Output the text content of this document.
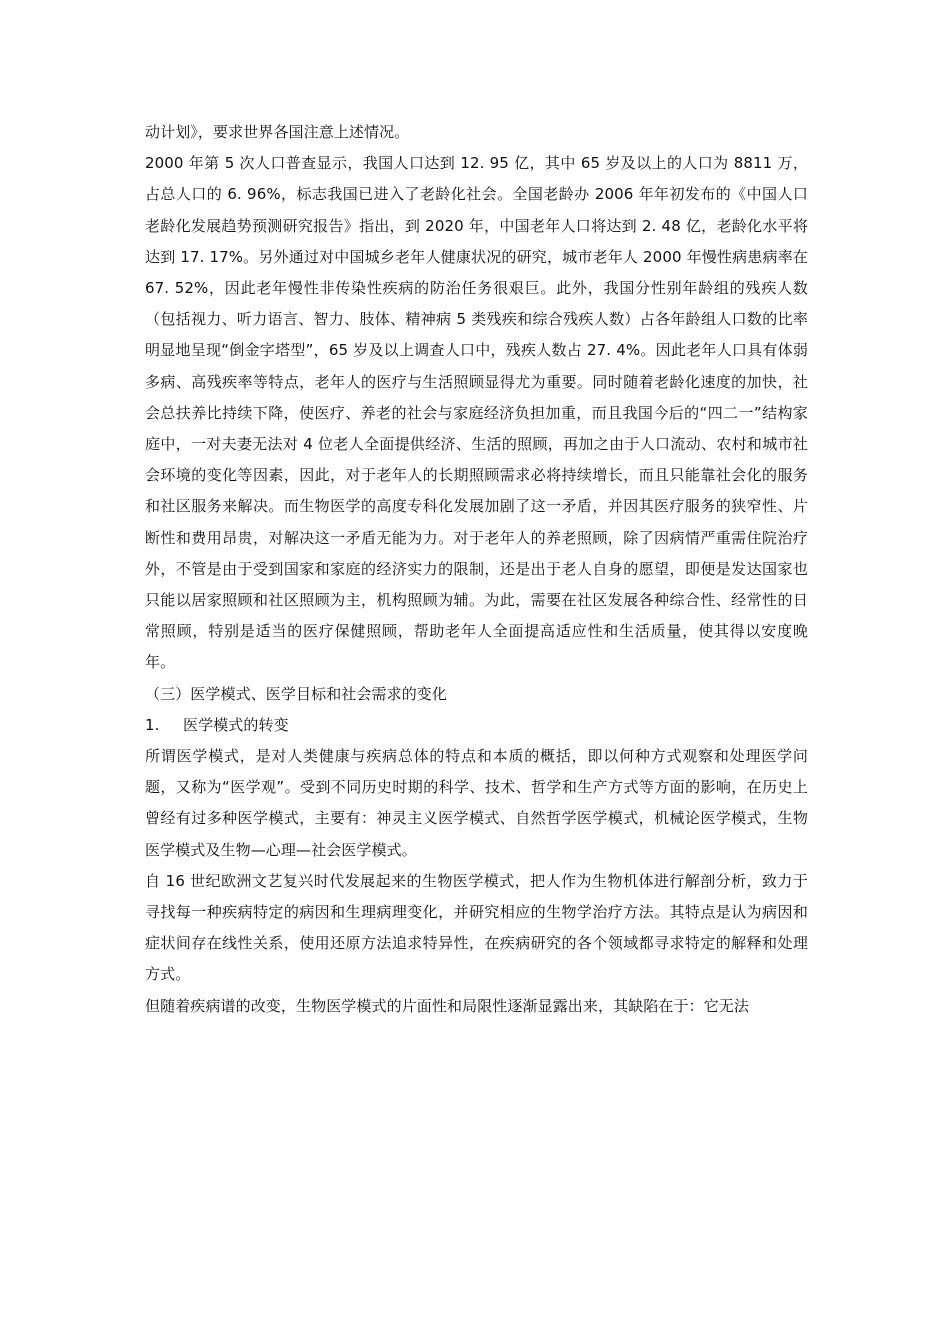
动计划》，要求世界各国注意上述情况。

2000 年第 5 次人口普查显示，我国人口达到 12. 95 亿，其中 65 岁及以上的人口为 8811 万，占总人口的 6. 96%，标志我国已进入了老龄化社会。全国老龄办 2006 年年初发布的《中国人口老龄化发展趋势预测研究报告》指出，到 2020 年，中国老年人口将达到 2. 48 亿，老龄化水平将达到 17. 17%。另外通过对中国城乡老年人健康状况的研究，城市老年人 2000 年慢性病患病率在 67. 52%，因此老年慢性非传染性疾病的防治任务很艰巨。此外，我国分性别年龄组的残疾人数（包括视力、听力语言、智力、肢体、精神病 5 类残疾和综合残疾人数）占各年龄组人口数的比率明显地呈现“倒金字塔型”，65 岁及以上调查人口中，残疾人数占 27. 4%。因此老年人口具有体弱多病、高残疾率等特点，老年人的医疗与生活照顾显得尤为重要。同时随着老龄化速度的加快，社会总扶养比持续下降，使医疗、养老的社会与家庭经济负担加重，而且我国今后的“四二一”结构家庭中，一对夫妻无法对 4 位老人全面提供经济、生活的照顾，再加之由于人口流动、农村和城市社会环境的变化等因素，因此，对于老年人的长期照顾需求必将持续增长，而且只能靠社会化的服务和社区服务来解决。而生物医学的高度专科化发展加剧了这一矛盾，并因其医疗服务的狭窄性、片断性和费用昂贵，对解决这一矛盾无能为力。对于老年人的养老照顾，除了因病情严重需住院治疗外，不管是由于受到国家和家庭的经济实力的限制，还是出于老人自身的愿望，即便是发达国家也只能以居家照顾和社区照顾为主，机构照顾为辅。为此，需要在社区发展各种综合性、经常性的日常照顾，特别是适当的医疗保健照顾，帮助老年人全面提高适应性和生活质量，使其得以安度晚年。

（三）医学模式、医学目标和社会需求的变化

1. 医学模式的转变

所谓医学模式，是对人类健康与疾病总体的特点和本质的概括，即以何种方式观察和处理医学问题，又称为“医学观”。受到不同历史时期的科学、技术、哲学和生产方式等方面的影响，在历史上曾经有过多种医学模式，主要有：神灵主义医学模式、自然哲学医学模式，机械论医学模式，生物医学模式及生物—心理—社会医学模式。

自 16 世纪欧洲文艺复兴时代发展起来的生物医学模式，把人作为生物机体进行解剖分析，致力于寻找每一种疾病特定的病因和生理病理变化，并研究相应的生物学治疗方法。其特点是认为病因和症状间存在线性关系，使用还原方法追求特异性，在疾病研究的各个领域都寻求特定的解释和处理方式。

但随着疾病谱的改变，生物医学模式的片面性和局限性逐渐显露出来，其缺陷在于：它无法
